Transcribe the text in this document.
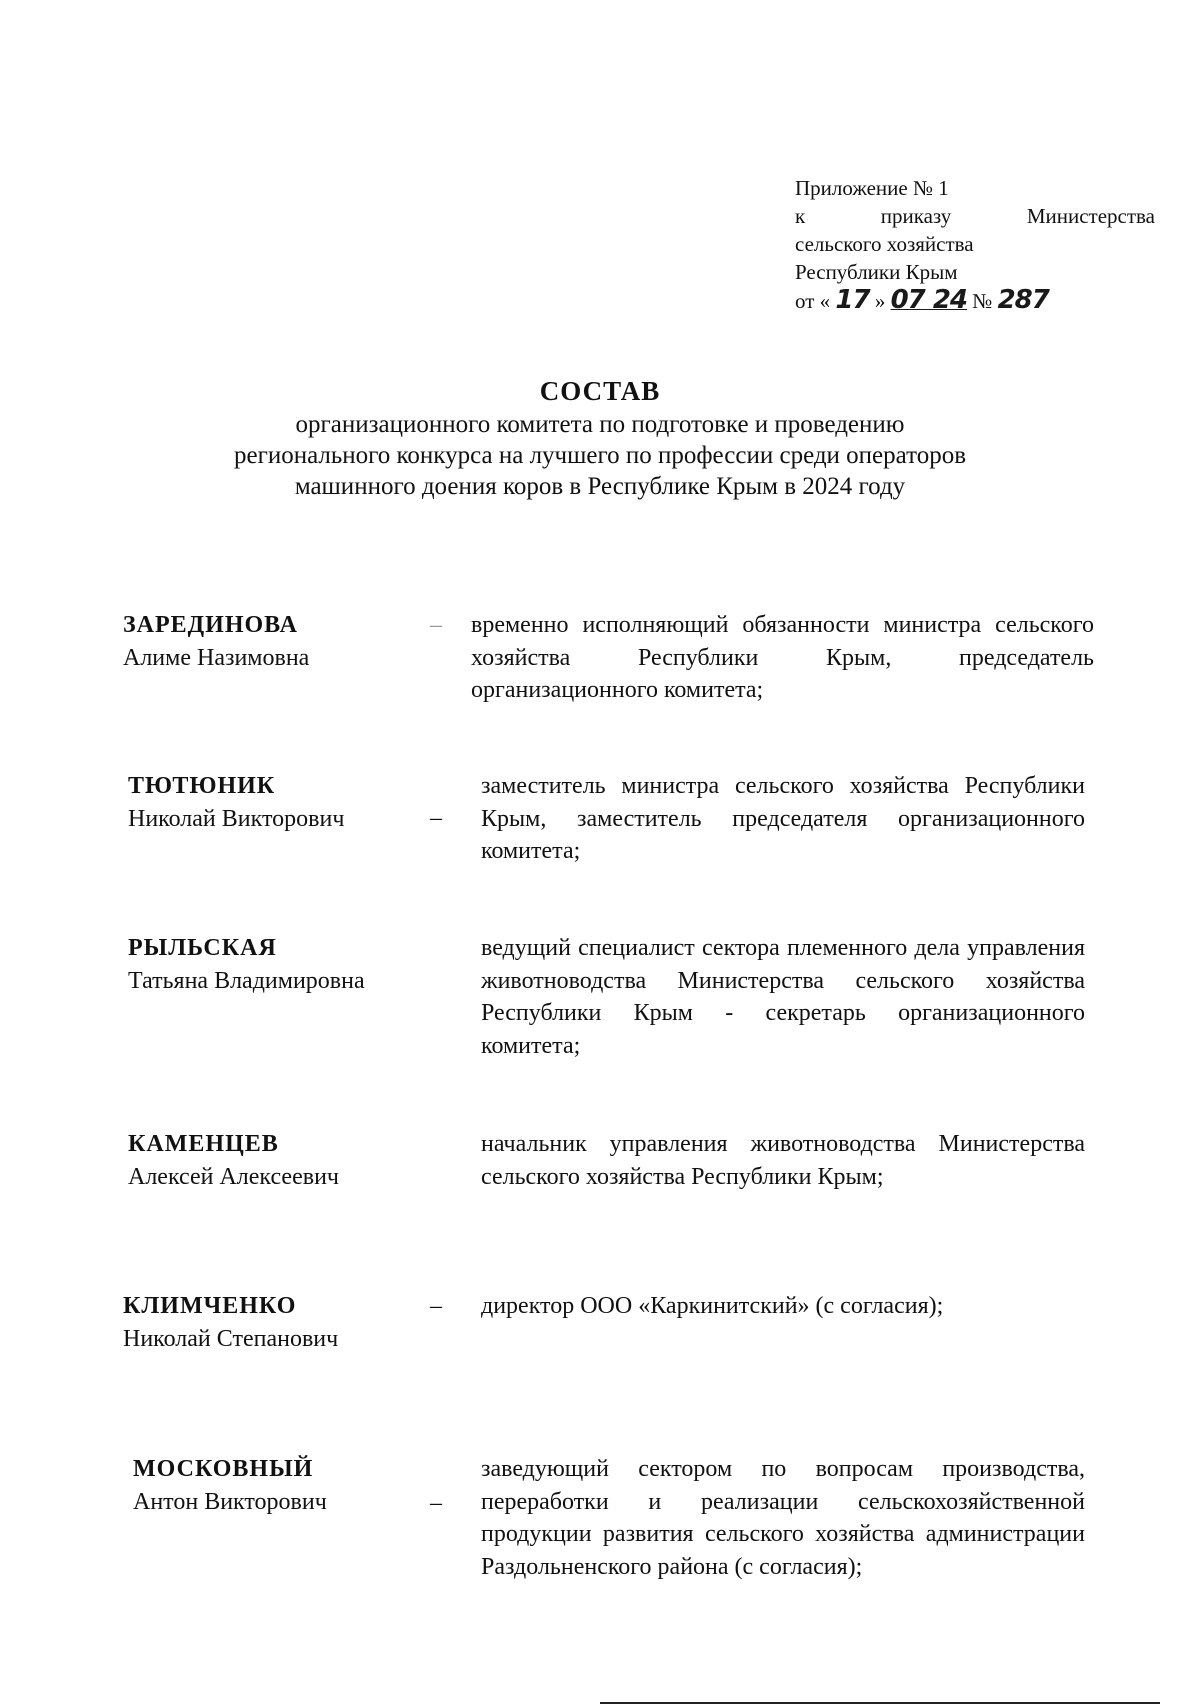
Приложение № 1
к приказу Министерства
сельского хозяйства
Республики Крым
от « 17 » 07 24 № 287

СОСТАВ

организационного комитета по подготовке и проведению

регионального конкурса на лучшего по профессии среди операторов

машинного доения коров в Республике Крым в 2024 году

ЗАРЕДИНОВА
Алиме Назимовна
– временно исполняющий обязанности министра сельского хозяйства Республики Крым, председатель организационного комитета;
ТЮТЮНИК
Николай Викторович	–
заместитель министра сельского хозяйства Республики Крым, заместитель председателя организационного комитета;
РЫЛЬСКАЯ
Татьяна Владимировна
ведущий специалист сектора племенного дела управления животноводства Министерства сельского хозяйства Республики Крым - секретарь организационного комитета;
КАМЕНЦЕВ
Алексей Алексеевич
начальник управления животноводства Министерства сельского хозяйства Республики Крым;
КЛИМЧЕНКО
Николай Степанович
– директор ООО «Каркинитский» (с согласия);
МОСКОВНЫЙ
Антон Викторович	–
заведующий сектором по вопросам производства, переработки и реализации сельскохозяйственной продукции развития сельского хозяйства администрации Раздольненского района (с согласия);
